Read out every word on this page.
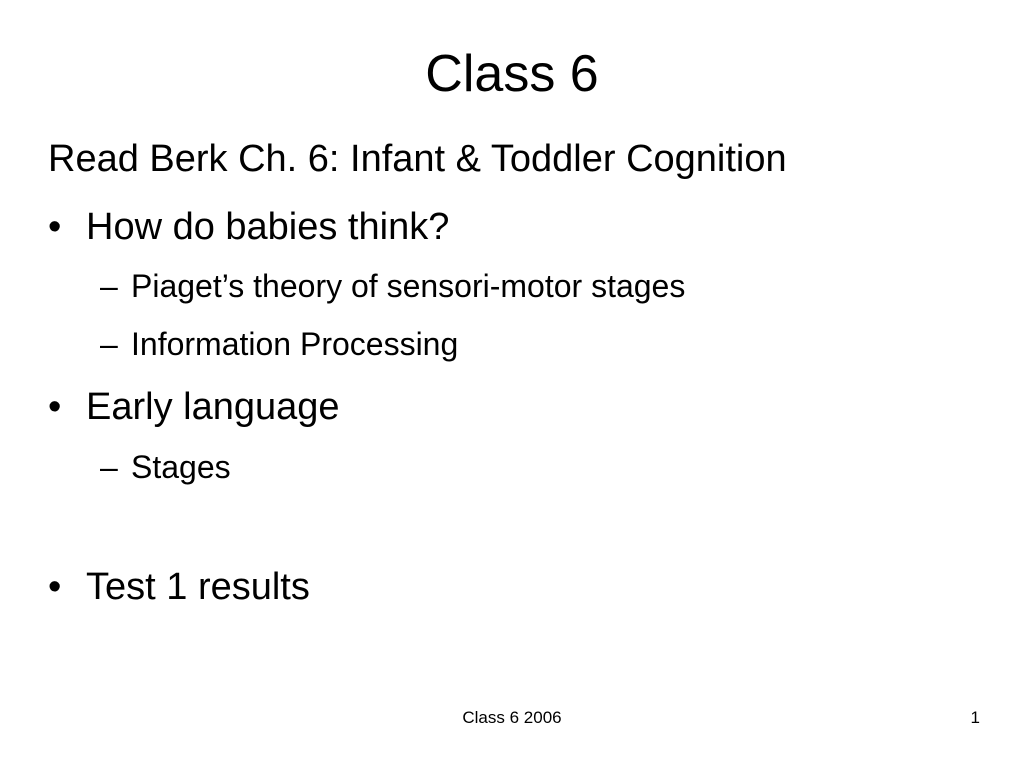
Class 6
Read Berk Ch. 6: Infant & Toddler Cognition
• How do babies think?
– Piaget’s theory of sensori-motor stages
– Information Processing
• Early language
– Stages
• Test 1 results
Class 6 2006	1
